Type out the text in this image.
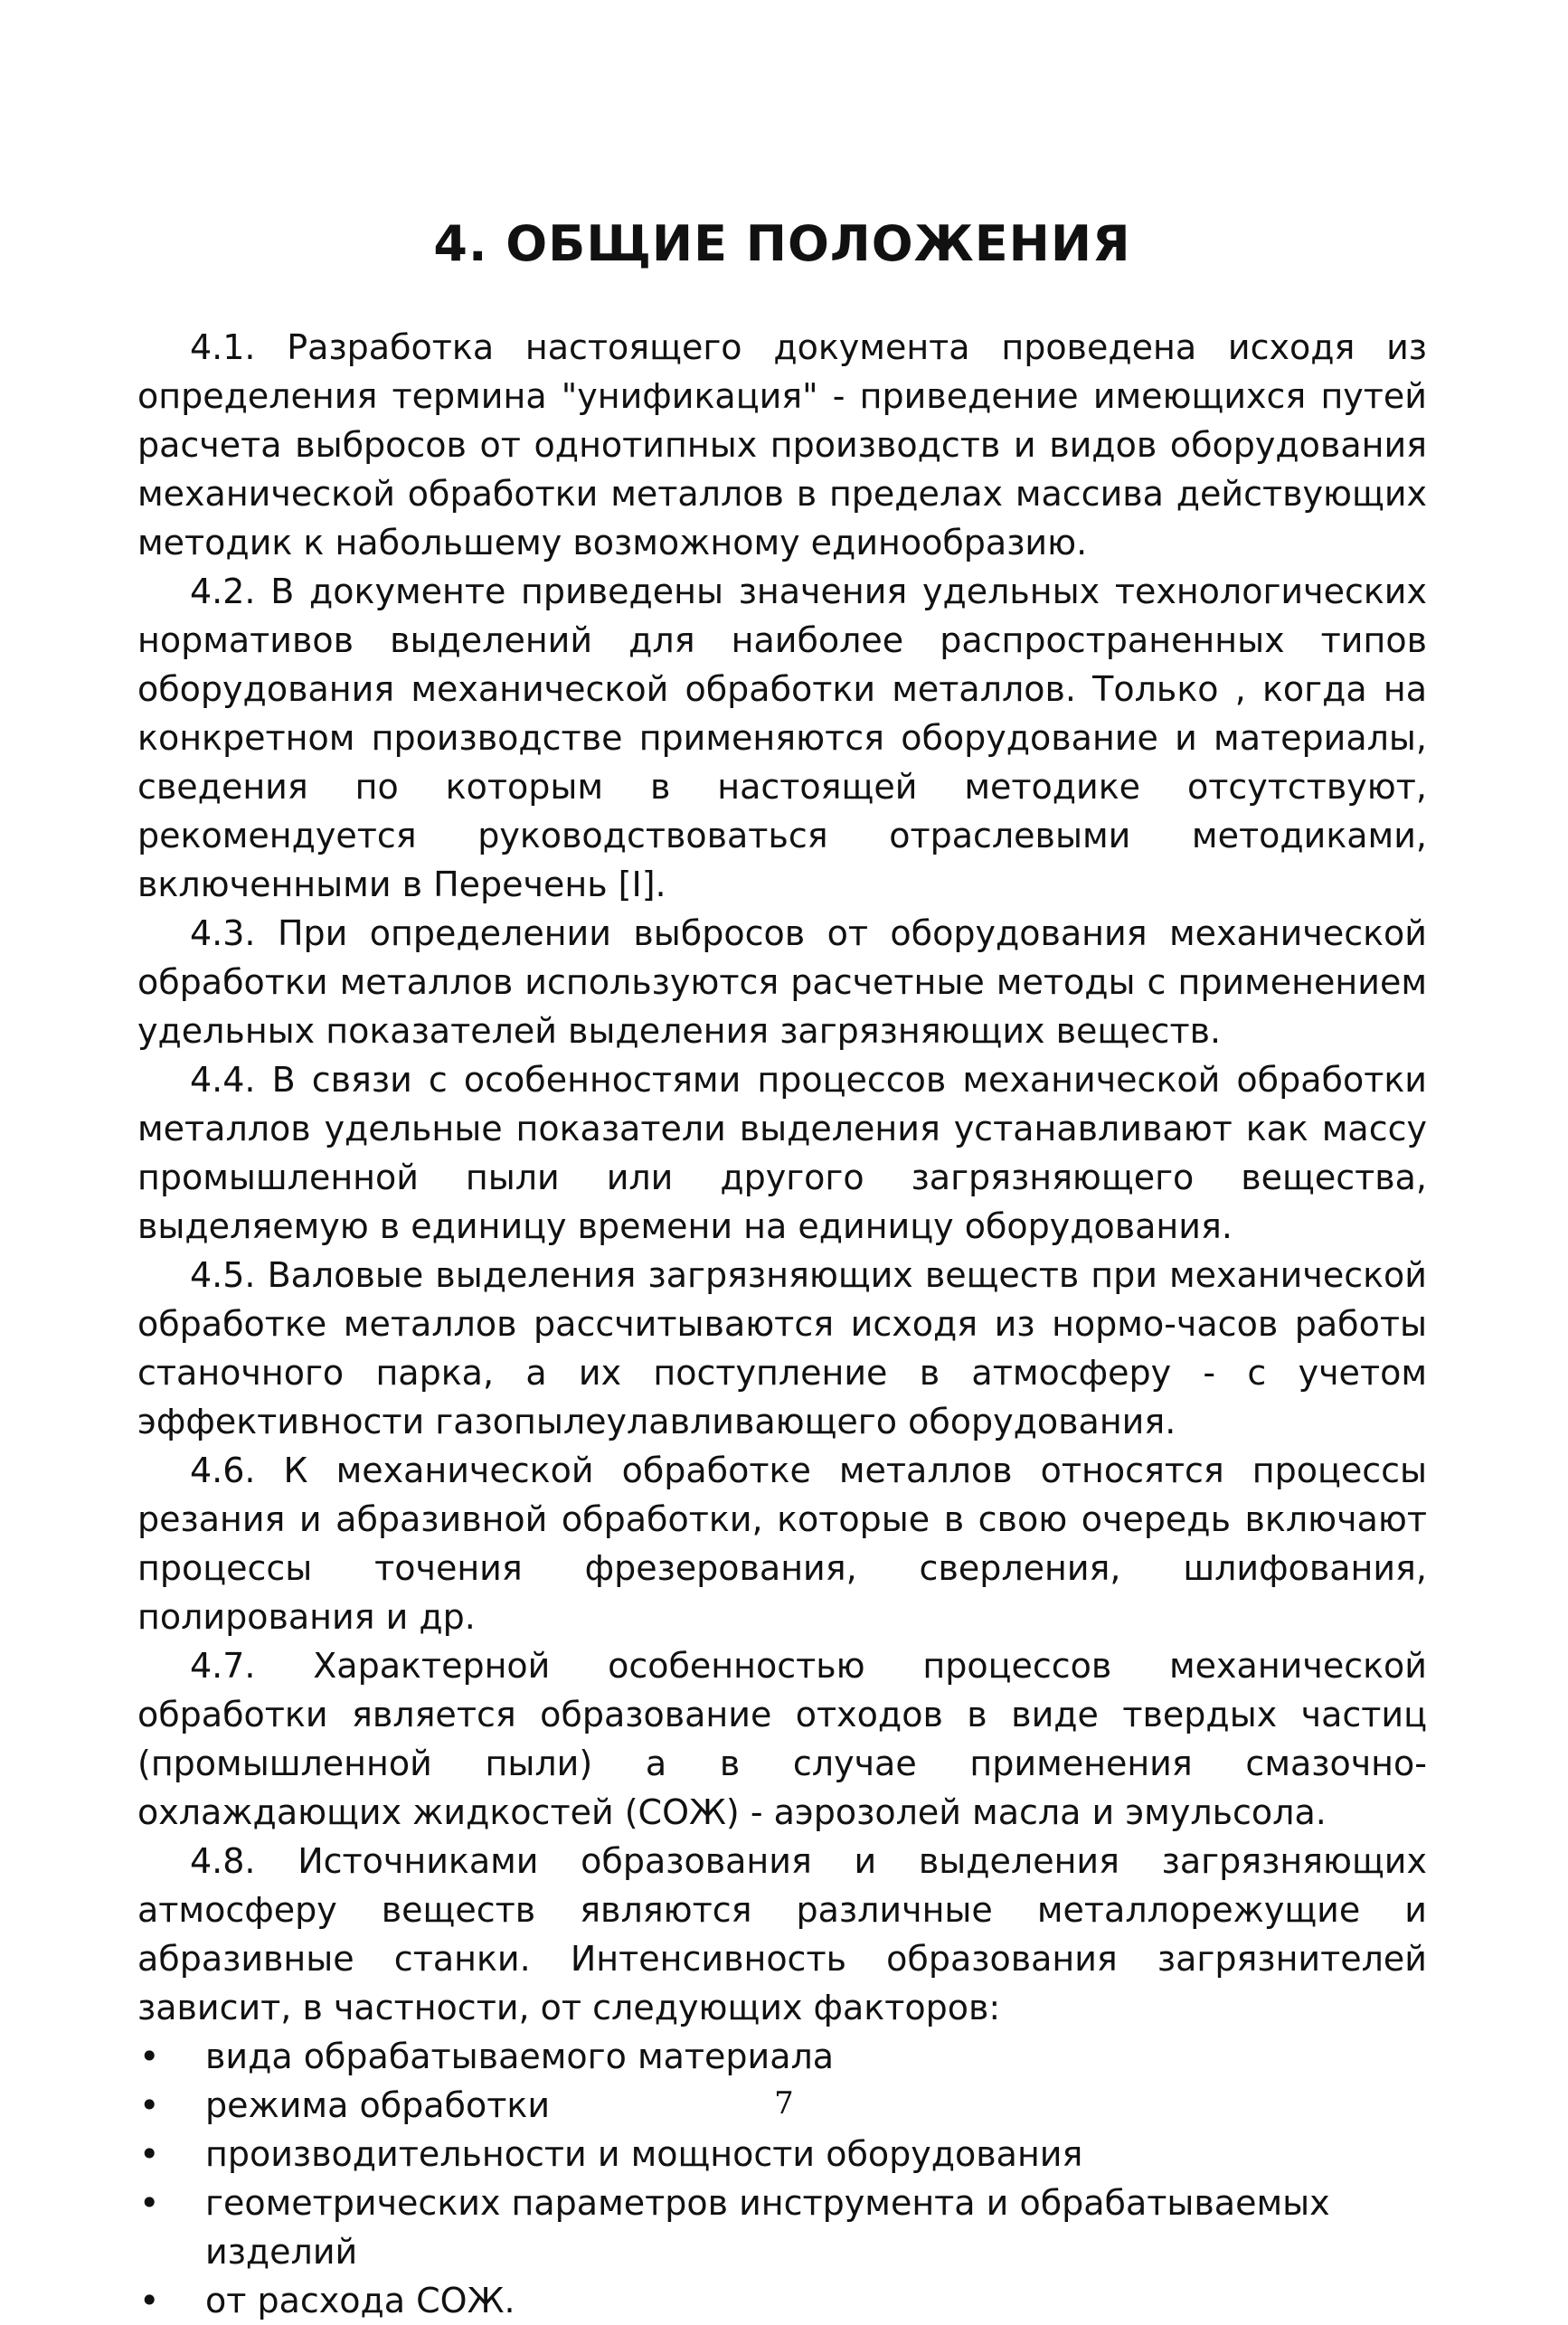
4. ОБЩИЕ ПОЛОЖЕНИЯ

4.1. Разработка настоящего документа проведена исходя из определения термина "унификация" - приведение имеющихся путей расчета выбросов от однотипных производств и видов оборудования механической обработки металлов в пределах массива действующих методик к набольшему возможному единообразию.

4.2. В документе приведены значения удельных технологических нормативов выделений для наиболее распространенных типов оборудования механической обработки металлов. Только , когда на конкретном производстве применяются оборудование и материалы, сведения по которым в настоящей методике отсутствуют, рекомендуется руководствоваться отраслевыми методиками, включенными в Перечень [I].

4.3. При определении выбросов от оборудования механической обработки металлов используются расчетные методы с применением удельных показателей выделения загрязняющих веществ.

4.4. В связи с особенностями процессов механической обработки металлов удельные показатели выделения устанавливают как массу промышленной пыли или другого загрязняющего вещества, выделяемую в единицу времени на единицу оборудования.

4.5. Валовые выделения загрязняющих веществ при механической обработке металлов рассчитываются исходя из нормо-часов работы станочного парка, а их поступление в атмосферу - с учетом эффективности газопылеулавливающего оборудования.

4.6. К механической обработке металлов относятся процессы резания и абразивной обработки, которые в свою очередь включают процессы точения фрезерования, сверления, шлифования, полирования и др.

4.7. Характерной особенностью процессов механической обработки является образование отходов в виде твердых частиц (промышленной пыли) а в случае применения смазочно-охлаждающих жидкостей (СОЖ) - аэрозолей масла и эмульсола.

4.8. Источниками образования и выделения загрязняющих атмосферу веществ являются различные металлорежущие и абразивные станки. Интенсивность образования загрязнителей зависит, в частности, от следующих факторов:

• вида обрабатываемого материала
• режима обработки
• производительности и мощности оборудования
• геометрических параметров инструмента и обрабатываемых изделий
• от расхода СОЖ.
7
